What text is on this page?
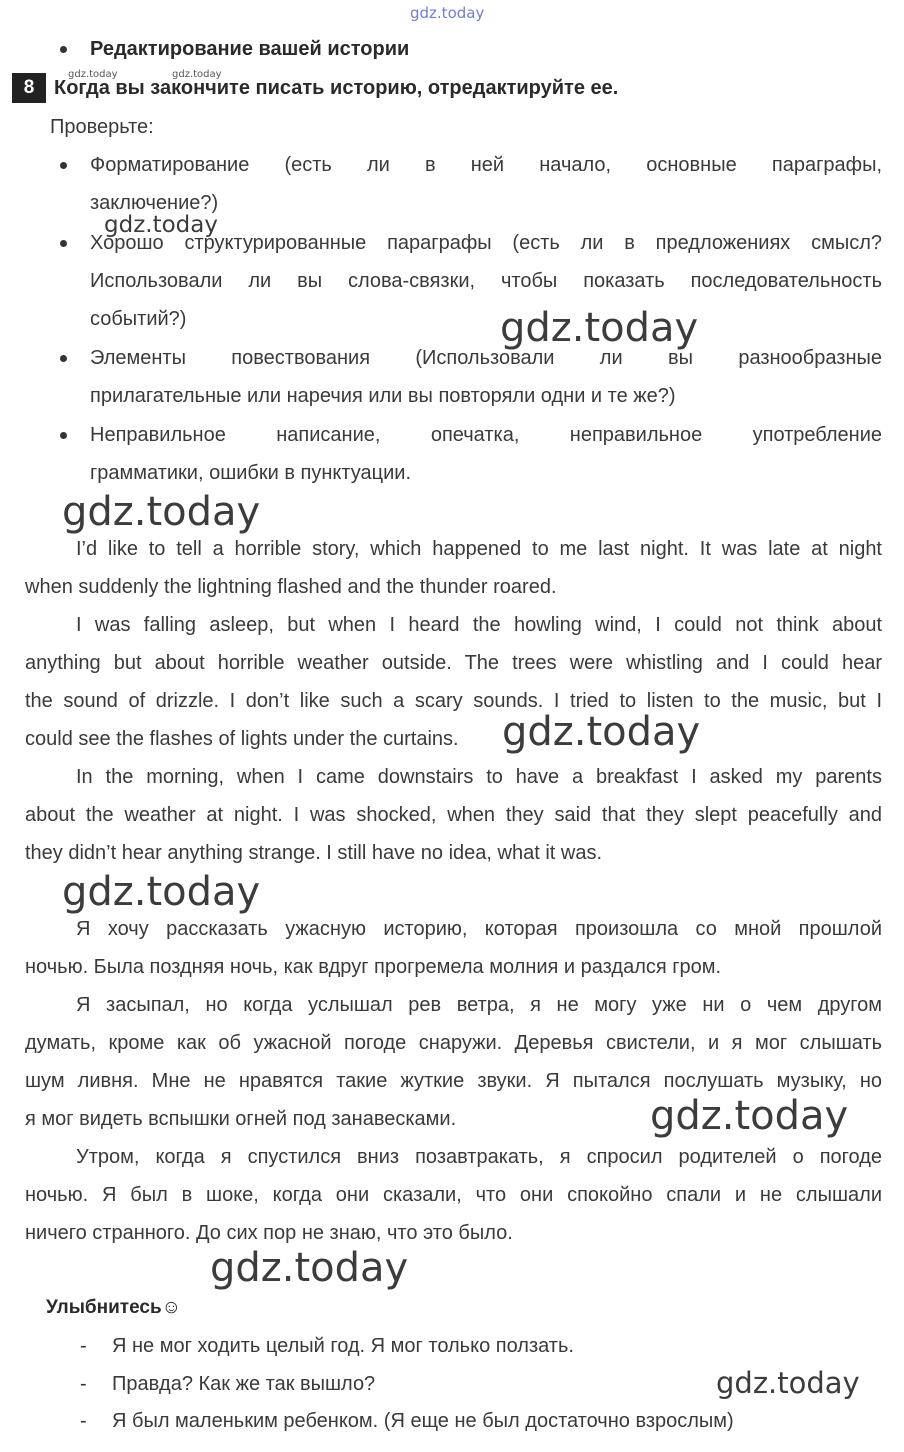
gdz.today
Редактирование вашей истории
8
gdz.today	gdz.today
Когда вы закончите писать историю, отредактируйте ее.
Проверьте:
Форматирование (есть ли в ней начало, основные параграфы,
заключение?)
gdz.today
Хорошо структурированные параграфы (есть ли в предложениях смысл?
Использовали ли вы слова-связки, чтобы показать последовательность
событий?)	gdz.today
Элементы повествования (Использовали ли вы разнообразные
прилагательные или наречия или вы повторяли одни и те же?)
Неправильное написание, опечатка, неправильное употребление
грамматики, ошибки в пунктуации.
gdz.today
I’d like to tell a horrible story, which happened to me last night. It was late at night
when suddenly the lightning flashed and the thunder roared.
I was falling asleep, but when I heard the howling wind, I could not think about
anything but about horrible weather outside. The trees were whistling and I could hear
the sound of drizzle. I don’t like such a scary sounds. I tried to listen to the music, but I
could see the flashes of lights under the curtains. gdz.today
In the morning, when I came downstairs to have a breakfast I asked my parents
about the weather at night. I was shocked, when they said that they slept peacefully and
they didn’t hear anything strange. I still have no idea, what it was.
gdz.today
Я хочу рассказать ужасную историю, которая произошла со мной прошлой
ночью. Была поздняя ночь, как вдруг прогремела молния и раздался гром.
Я засыпал, но когда услышал рев ветра, я не могу уже ни о чем другом
думать, кроме как об ужасной погоде снаружи. Деревья свистели, и я мог слышать
шум ливня. Мне не нравятся такие жуткие звуки. Я пытался послушать музыку, но
я мог видеть вспышки огней под занавесками.	gdz.today
Утром, когда я спустился вниз позавтракать, я спросил родителей о погоде
ночью. Я был в шоке, когда они сказали, что они спокойно спали и не слышали
ничего странного. До сих пор не знаю, что это было.
gdz.today
Улыбнитесь☺
- Я не мог ходить целый год. Я мог только ползать.
- Правда? Как же так вышло?	gdz.today
- Я был маленьким ребенком. (Я еще не был достаточно взрослым)
